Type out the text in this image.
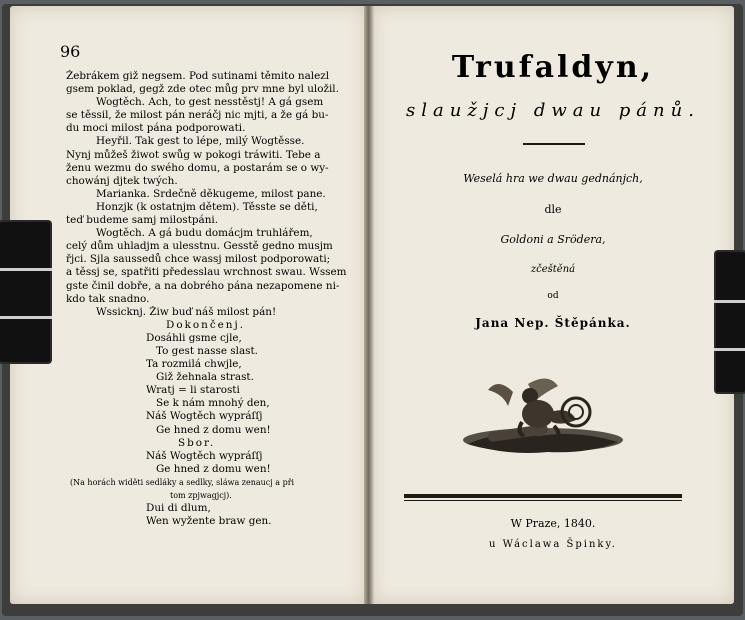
96
Žebrákem giž negsem. Pod sutinami těmito nalezl
gsem poklad, gegž zde otec můg prv mne byl uložil.
Wogtěch. Ach, to gest nesstěstj! A gá gsem
se těssil, že milost pán neráčj nic mjti, a že gá bu-
du moci milost pána podporowati.
Heyřil. Tak gest to lépe, milý Wogtěsse.
Nynj můžeš žiwot swůg w pokogi tráwiti. Tebe a
ženu wezmu do swého domu, a postarám se o wy-
chowánj djtek twých.
Marianka. Srdečně děkugeme, milost pane.
Honzjk (k ostatnjm dětem). Těsste se děti,
teď budeme samj milostpáni.
Wogtěch. A gá budu domácjm truhlářem,
celý dům uhladjm a ulesstnu. Gesstě gedno musjm
řjci. Sjla saussedů chce wassj milost podporowati;
a těssj se, spatřiti předesslau wrchnost swau. Wssem
gste činil dobře, a na dobrého pána nezapomene ni-
kdo tak snadno.
Wssicknj. Žiw buď náš milost pán!
Dokončenj.
Dosáhli gsme cjle,
To gest nasse slast.
Ta rozmilá chwjle,
Giž žehnala strast.
Wratj = li starosti
Se k nám mnohý den,
Náš Wogtěch wypráſſj
Ge hned z domu wen!
Sbor.
Náš Wogtěch wypráſſj
Ge hned z domu wen!
(Na horách widěti sedláky a sedlky, sláwa zenaucj a při
tom zpjwagjcj).
Dui di dlum,
Wen wyžente braw gen.
Trufaldyn,
slaužjcj dwau pánů.
Weselá hra we dwau gednánjch,
dle
Goldoni a Srödera,
zčeštěná
od
Jana Nep. Štěpánka.
W Praze, 1840.
u Wáclawa Špinky.
